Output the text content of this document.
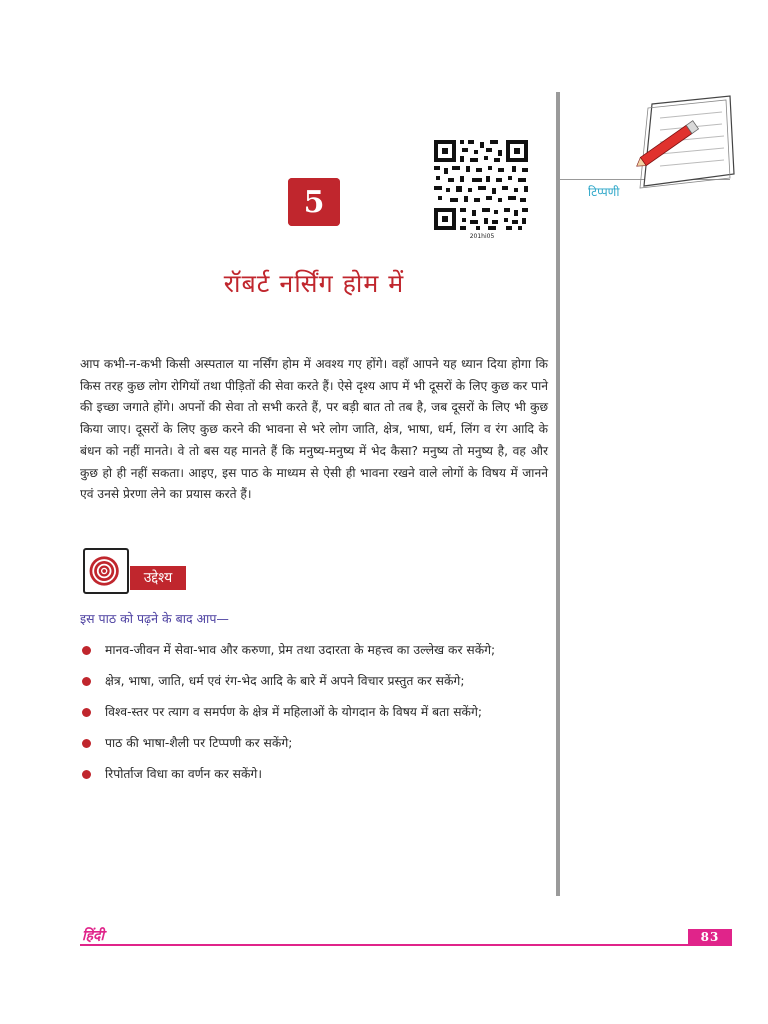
टिप्पणी
201hi05
5
रॉबर्ट नर्सिंग होम में
आप कभी-न-कभी किसी अस्पताल या नर्सिंग होम में अवश्य गए होंगे। वहाँ आपने यह ध्यान दिया होगा कि किस तरह कुछ लोग रोगियों तथा पीड़ितों की सेवा करते हैं। ऐसे दृश्य आप में भी दूसरों के लिए कुछ कर पाने की इच्छा जगाते होंगे। अपनों की सेवा तो सभी करते हैं, पर बड़ी बात तो तब है, जब दूसरों के लिए भी कुछ किया जाए। दूसरों के लिए कुछ करने की भावना से भरे लोग जाति, क्षेत्र, भाषा, धर्म, लिंग व रंग आदि के बंधन को नहीं मानते। वे तो बस यह मानते हैं कि मनुष्य-मनुष्य में भेद कैसा? मनुष्य तो मनुष्य है, वह और कुछ हो ही नहीं सकता। आइए, इस पाठ के माध्यम से ऐसी ही भावना रखने वाले लोगों के विषय में जानने एवं उनसे प्रेरणा लेने का प्रयास करते हैं।
उद्देश्य
इस पाठ को पढ़ने के बाद आप—
मानव-जीवन में सेवा-भाव और करुणा, प्रेम तथा उदारता के महत्त्व का उल्लेख कर सकेंगे;
क्षेत्र, भाषा, जाति, धर्म एवं रंग-भेद आदि के बारे में अपने विचार प्रस्तुत कर सकेंगे;
विश्व-स्तर पर त्याग व समर्पण के क्षेत्र में महिलाओं के योगदान के विषय में बता सकेंगे;
पाठ की भाषा-शैली पर टिप्पणी कर सकेंगे;
रिपोर्ताज विधा का वर्णन कर सकेंगे।
हिंदी	83
